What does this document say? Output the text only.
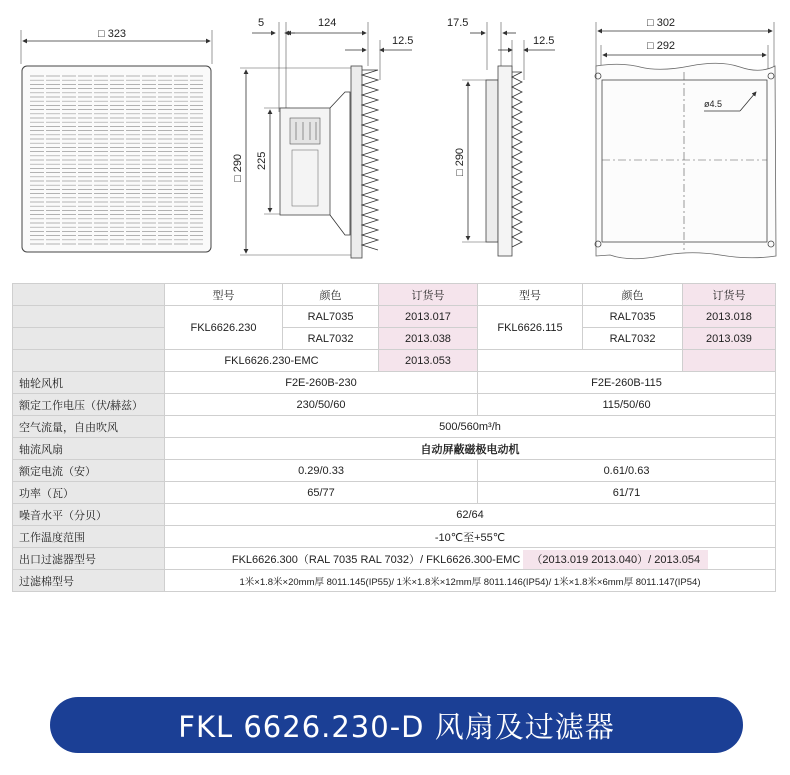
□ 323
5	124
12.5
□ 290 225
17.5
12.5
□ 290
□ 302
□ 292
ø4.5
	型号	颜色	订货号	型号	颜色	订货号
	FKL6626.230	RAL7035	2013.017	FKL6626.115	RAL7035	2013.018
		RAL7032	2013.038		RAL7032	2013.039
	FKL6626.230-EMC		2013.053			
轴轮风机	F2E-260B-230			F2E-260B-115		
额定工作电压（伏/赫兹）	230/50/60			115/50/60		
空气流量，自由吹风	500/560m³/h					
轴流风扇	自动屏蔽磁极电动机					
额定电流（安）	0.29/0.33			0.61/0.63		
功率（瓦）	65/77			61/71		
噪音水平（分贝）	62/64					
工作温度范围	-10℃至+55℃					
出口过滤器型号	FKL6626.300（RAL 7035 RAL 7032）/ FKL6626.300-EMC （2013.019 2013.040）/ 2013.054					
过滤棉型号	1米×1.8米×20mm厚 8011.145(IP55)/ 1米×1.8米×12mm厚 8011.146(IP54)/ 1米×1.8米×6mm厚 8011.147(IP54)					
FKL 6626.230-D 风扇及过滤器
